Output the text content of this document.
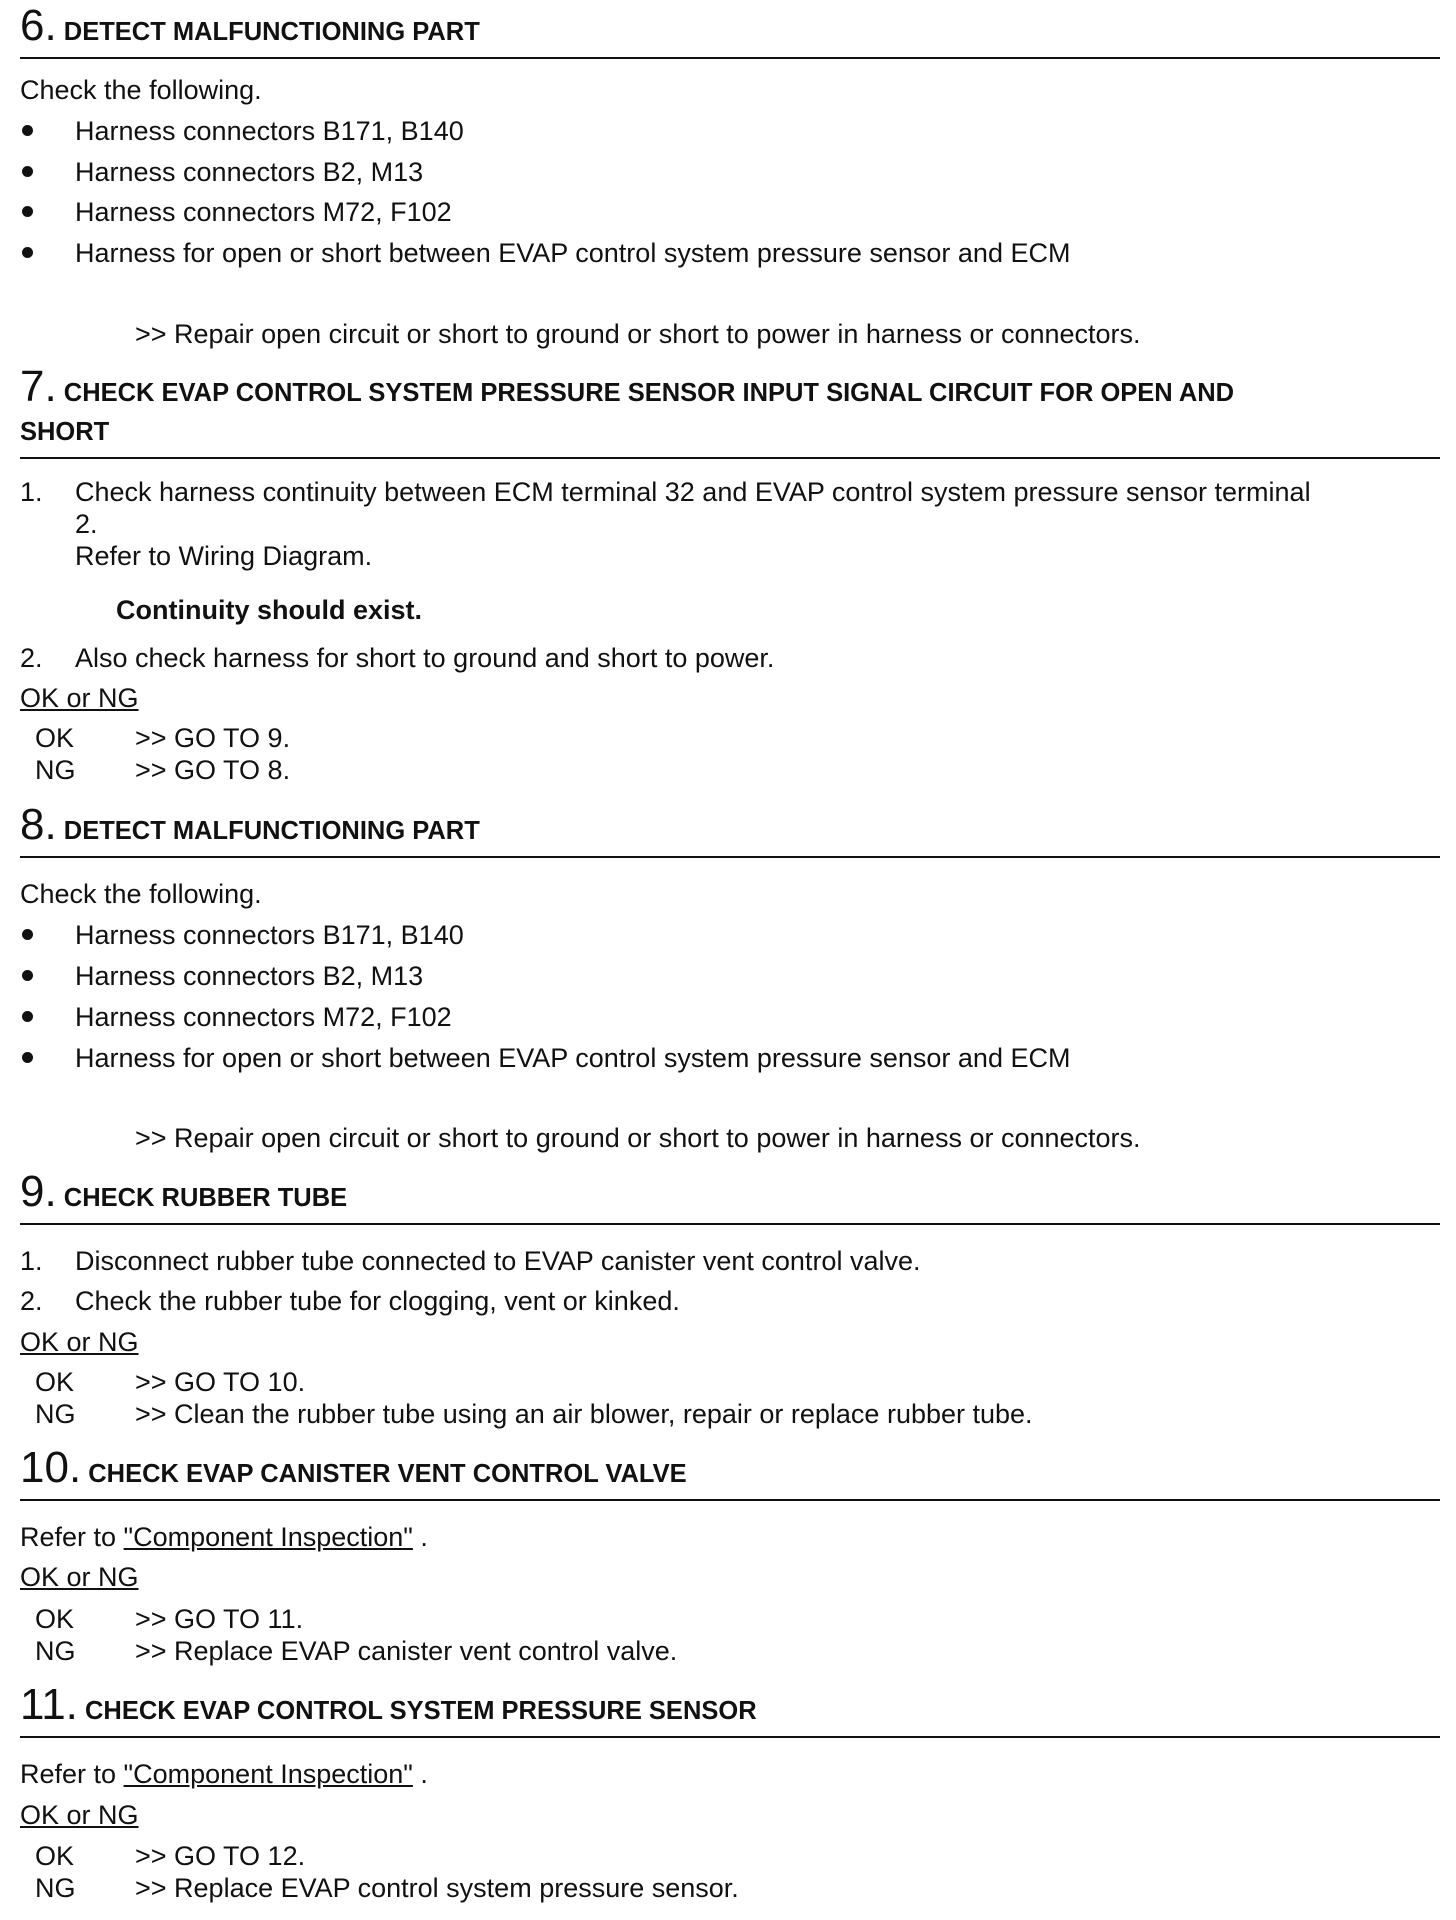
6. DETECT MALFUNCTIONING PART
Check the following.
Harness connectors B171, B140
Harness connectors B2, M13
Harness connectors M72, F102
Harness for open or short between EVAP control system pressure sensor and ECM
>> Repair open circuit or short to ground or short to power in harness or connectors.
7. CHECK EVAP CONTROL SYSTEM PRESSURE SENSOR INPUT SIGNAL CIRCUIT FOR OPEN AND
SHORT
1. Check harness continuity between ECM terminal 32 and EVAP control system pressure sensor terminal
2.
Refer to Wiring Diagram.
Continuity should exist.
2. Also check harness for short to ground and short to power.
OK or NG
OK >> GO TO 9.
NG >> GO TO 8.
8. DETECT MALFUNCTIONING PART
Check the following.
Harness connectors B171, B140
Harness connectors B2, M13
Harness connectors M72, F102
Harness for open or short between EVAP control system pressure sensor and ECM
>> Repair open circuit or short to ground or short to power in harness or connectors.
9. CHECK RUBBER TUBE
1. Disconnect rubber tube connected to EVAP canister vent control valve.
2. Check the rubber tube for clogging, vent or kinked.
OK or NG
OK >> GO TO 10.
NG >> Clean the rubber tube using an air blower, repair or replace rubber tube.
10. CHECK EVAP CANISTER VENT CONTROL VALVE
Refer to "Component Inspection" .
OK or NG
OK >> GO TO 11.
NG >> Replace EVAP canister vent control valve.
11. CHECK EVAP CONTROL SYSTEM PRESSURE SENSOR
Refer to "Component Inspection" .
OK or NG
OK >> GO TO 12.
NG >> Replace EVAP control system pressure sensor.
